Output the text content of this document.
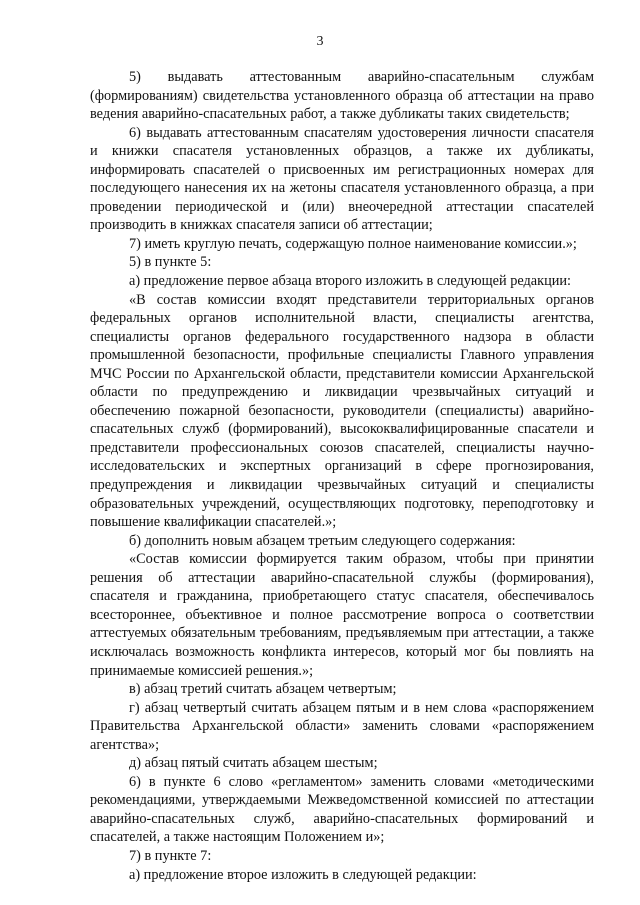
3

5) выдавать аттестованным аварийно-спасательным службам (формированиям) свидетельства установленного образца об аттестации на право ведения аварийно-спасательных работ, а также дубликаты таких свидетельств;

6) выдавать аттестованным спасателям удостоверения личности спасателя и книжки спасателя установленных образцов, а также их дубликаты, информировать спасателей о присвоенных им регистрационных номерах для последующего нанесения их на жетоны спасателя установленного образца, а при проведении периодической и (или) внеочередной аттестации спасателей производить в книжках спасателя записи об аттестации;

7) иметь круглую печать, содержащую полное наименование комиссии.»;

5) в пункте 5:

а) предложение первое абзаца второго изложить в следующей редакции:

«В состав комиссии входят представители территориальных органов федеральных органов исполнительной власти, специалисты агентства, специалисты органов федерального государственного надзора в области промышленной безопасности, профильные специалисты Главного управления МЧС России по Архангельской области, представители комиссии Архангельской области по предупреждению и ликвидации чрезвычайных ситуаций и обеспечению пожарной безопасности, руководители (специалисты) аварийно-спасательных служб (формирований), высококвалифицированные спасатели и представители профессиональных союзов спасателей, специалисты научно-исследовательских и экспертных организаций в сфере прогнозирования, предупреждения и ликвидации чрезвычайных ситуаций и специалисты образовательных учреждений, осуществляющих подготовку, переподготовку и повышение квалификации спасателей.»;

б) дополнить новым абзацем третьим следующего содержания:

«Состав комиссии формируется таким образом, чтобы при принятии решения об аттестации аварийно-спасательной службы (формирования), спасателя и гражданина, приобретающего статус спасателя, обеспечивалось всестороннее, объективное и полное рассмотрение вопроса о соответствии аттестуемых обязательным требованиям, предъявляемым при аттестации, а также исключалась возможность конфликта интересов, который мог бы повлиять на принимаемые комиссией решения.»;

в) абзац третий считать абзацем четвертым;

г) абзац четвертый считать абзацем пятым и в нем слова «распоряжением Правительства Архангельской области» заменить словами «распоряжением агентства»;

д) абзац пятый считать абзацем шестым;

6) в пункте 6 слово «регламентом» заменить словами «методическими рекомендациями, утверждаемыми Межведомственной комиссией по аттестации аварийно-спасательных служб, аварийно-спасательных формирований и спасателей, а также настоящим Положением и»;

7) в пункте 7:

а) предложение второе изложить в следующей редакции:
